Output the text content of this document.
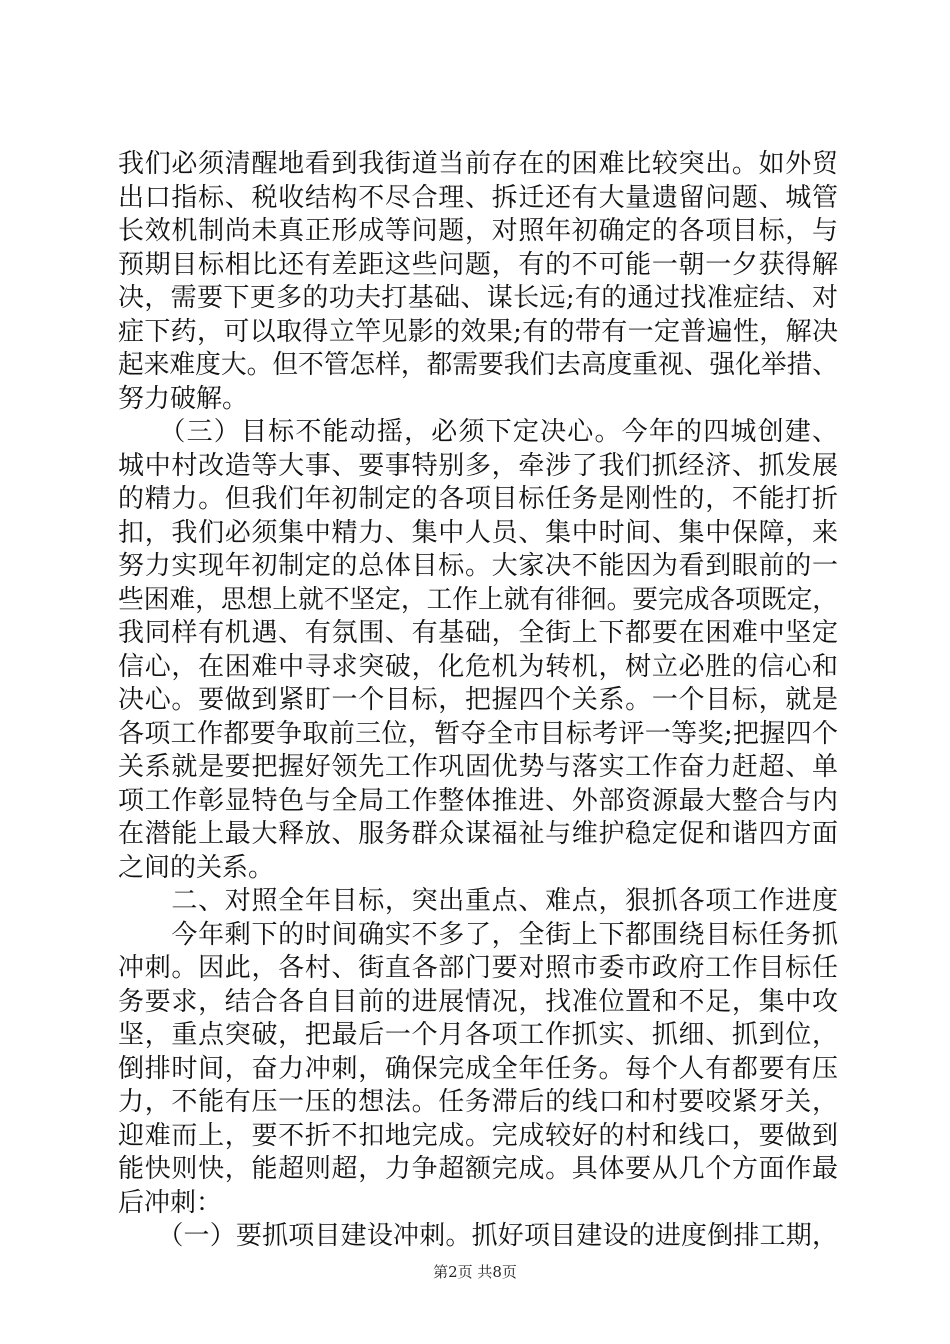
我们必须清醒地看到我街道当前存在的困难比较突出。如外贸
出口指标、税收结构不尽合理、拆迁还有大量遗留问题、城管
长效机制尚未真正形成等问题，对照年初确定的各项目标，与
预期目标相比还有差距这些问题，有的不可能一朝一夕获得解
决，需要下更多的功夫打基础、谋长远;有的通过找准症结、对
症下药，可以取得立竿见影的效果;有的带有一定普遍性，解决
起来难度大。但不管怎样，都需要我们去高度重视、强化举措、
努力破解。
　　（三）目标不能动摇，必须下定决心。今年的四城创建、
城中村改造等大事、要事特别多，牵涉了我们抓经济、抓发展
的精力。但我们年初制定的各项目标任务是刚性的，不能打折
扣，我们必须集中精力、集中人员、集中时间、集中保障，来
努力实现年初制定的总体目标。大家决不能因为看到眼前的一
些困难，思想上就不坚定，工作上就有徘徊。要完成各项既定，
我同样有机遇、有氛围、有基础，全街上下都要在困难中坚定
信心，在困难中寻求突破，化危机为转机，树立必胜的信心和
决心。要做到紧盯一个目标，把握四个关系。一个目标，就是
各项工作都要争取前三位，暂夺全市目标考评一等奖;把握四个
关系就是要把握好领先工作巩固优势与落实工作奋力赶超、单
项工作彰显特色与全局工作整体推进、外部资源最大整合与内
在潜能上最大释放、服务群众谋福祉与维护稳定促和谐四方面
之间的关系。
　　二、对照全年目标，突出重点、难点，狠抓各项工作进度
　　今年剩下的时间确实不多了，全街上下都围绕目标任务抓
冲刺。因此，各村、街直各部门要对照市委市政府工作目标任
务要求，结合各自目前的进展情况，找准位置和不足，集中攻
坚，重点突破，把最后一个月各项工作抓实、抓细、抓到位，
倒排时间，奋力冲刺，确保完成全年任务。每个人有都要有压
力，不能有压一压的想法。任务滞后的线口和村要咬紧牙关，
迎难而上，要不折不扣地完成。完成较好的村和线口，要做到
能快则快，能超则超，力争超额完成。具体要从几个方面作最
后冲刺：
　　（一）要抓项目建设冲刺。抓好项目建设的进度倒排工期，
第2页 共8页
